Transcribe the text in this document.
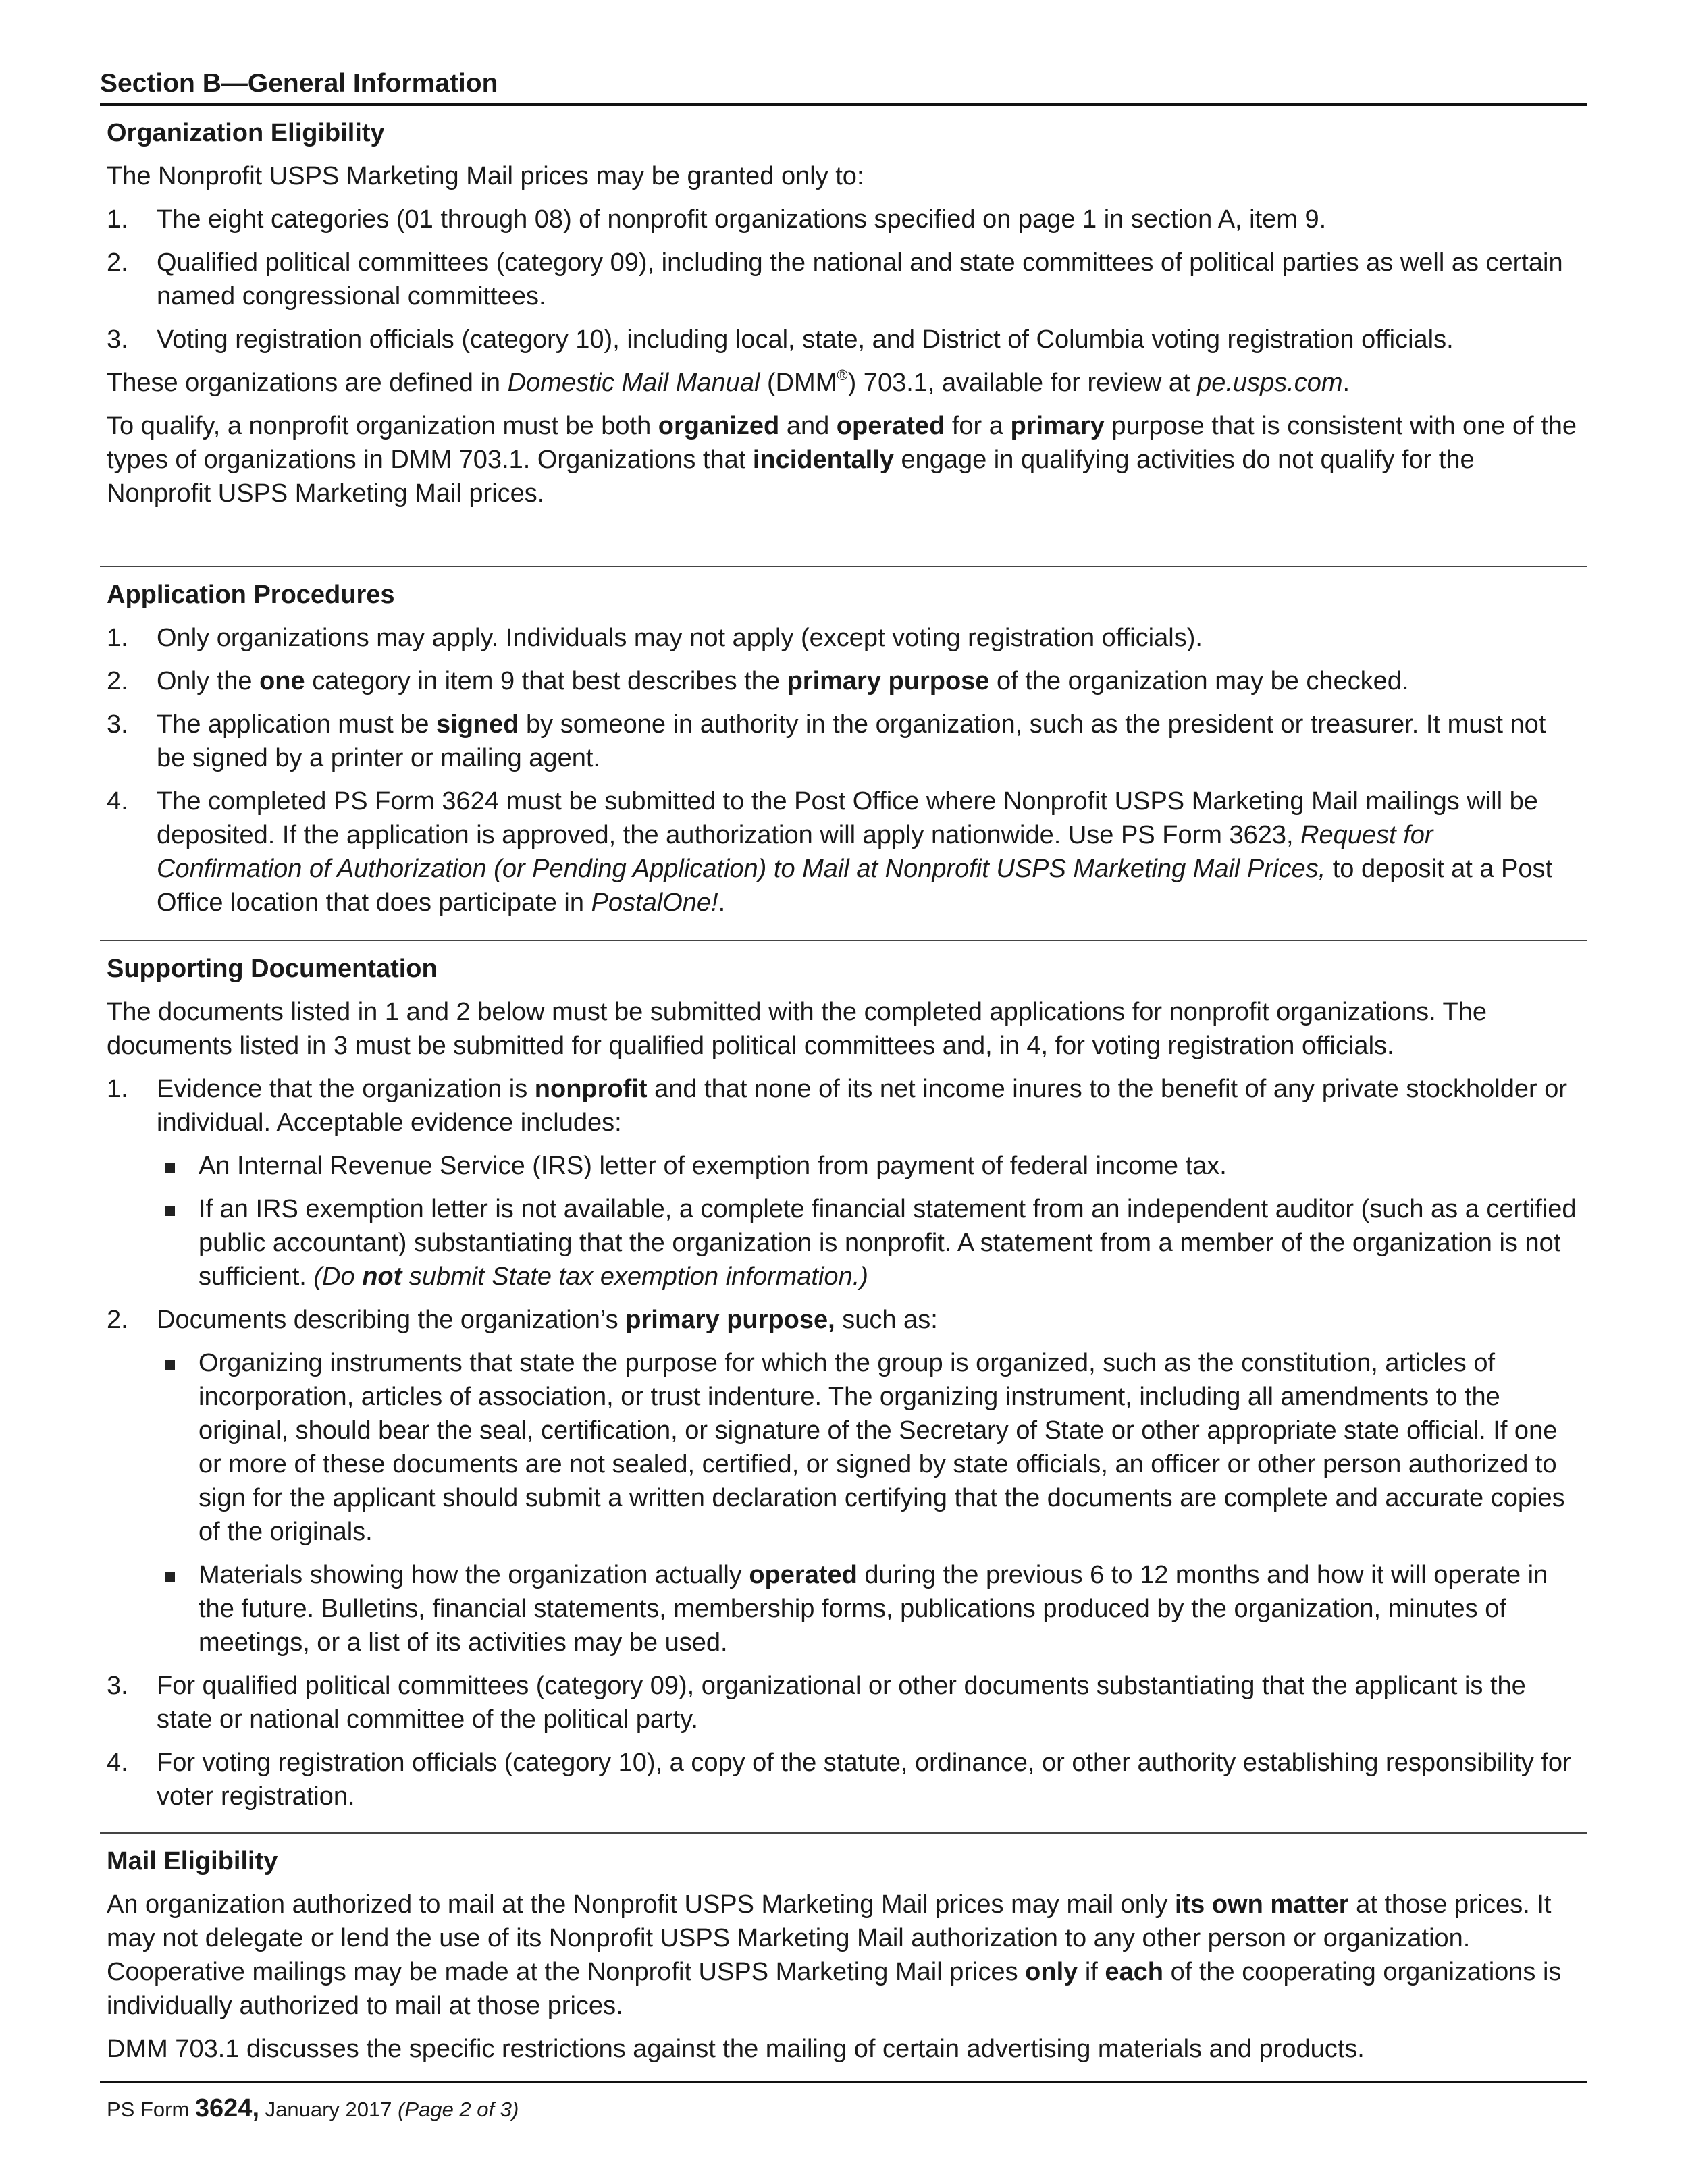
Section B—General Information
Organization Eligibility
The Nonprofit USPS Marketing Mail prices may be granted only to:
1. The eight categories (01 through 08) of nonprofit organizations specified on page 1 in section A, item 9.
2. Qualified political committees (category 09), including the national and state committees of political parties as well as certain named congressional committees.
3. Voting registration officials (category 10), including local, state, and District of Columbia voting registration officials.
These organizations are defined in Domestic Mail Manual (DMM®) 703.1, available for review at pe.usps.com.
To qualify, a nonprofit organization must be both organized and operated for a primary purpose that is consistent with one of the types of organizations in DMM 703.1. Organizations that incidentally engage in qualifying activities do not qualify for the Nonprofit USPS Marketing Mail prices.
Application Procedures
1. Only organizations may apply. Individuals may not apply (except voting registration officials).
2. Only the one category in item 9 that best describes the primary purpose of the organization may be checked.
3. The application must be signed by someone in authority in the organization, such as the president or treasurer. It must not be signed by a printer or mailing agent.
4. The completed PS Form 3624 must be submitted to the Post Office where Nonprofit USPS Marketing Mail mailings will be deposited. If the application is approved, the authorization will apply nationwide. Use PS Form 3623, Request for Confirmation of Authorization (or Pending Application) to Mail at Nonprofit USPS Marketing Mail Prices, to deposit at a Post Office location that does participate in PostalOne!.
Supporting Documentation
The documents listed in 1 and 2 below must be submitted with the completed applications for nonprofit organizations. The documents listed in 3 must be submitted for qualified political committees and, in 4, for voting registration officials.
1. Evidence that the organization is nonprofit and that none of its net income inures to the benefit of any private stockholder or individual. Acceptable evidence includes:
An Internal Revenue Service (IRS) letter of exemption from payment of federal income tax.
If an IRS exemption letter is not available, a complete financial statement from an independent auditor (such as a certified public accountant) substantiating that the organization is nonprofit. A statement from a member of the organization is not sufficient. (Do not submit State tax exemption information.)
2. Documents describing the organization’s primary purpose, such as:
Organizing instruments that state the purpose for which the group is organized, such as the constitution, articles of incorporation, articles of association, or trust indenture. The organizing instrument, including all amendments to the original, should bear the seal, certification, or signature of the Secretary of State or other appropriate state official. If one or more of these documents are not sealed, certified, or signed by state officials, an officer or other person authorized to sign for the applicant should submit a written declaration certifying that the documents are complete and accurate copies of the originals.
Materials showing how the organization actually operated during the previous 6 to 12 months and how it will operate in the future. Bulletins, financial statements, membership forms, publications produced by the organization, minutes of meetings, or a list of its activities may be used.
3. For qualified political committees (category 09), organizational or other documents substantiating that the applicant is the state or national committee of the political party.
4. For voting registration officials (category 10), a copy of the statute, ordinance, or other authority establishing responsibility for voter registration.
Mail Eligibility
An organization authorized to mail at the Nonprofit USPS Marketing Mail prices may mail only its own matter at those prices. It may not delegate or lend the use of its Nonprofit USPS Marketing Mail authorization to any other person or organization. Cooperative mailings may be made at the Nonprofit USPS Marketing Mail prices only if each of the cooperating organizations is individually authorized to mail at those prices.
DMM 703.1 discusses the specific restrictions against the mailing of certain advertising materials and products.
PS Form 3624, January 2017 (Page 2 of 3)
